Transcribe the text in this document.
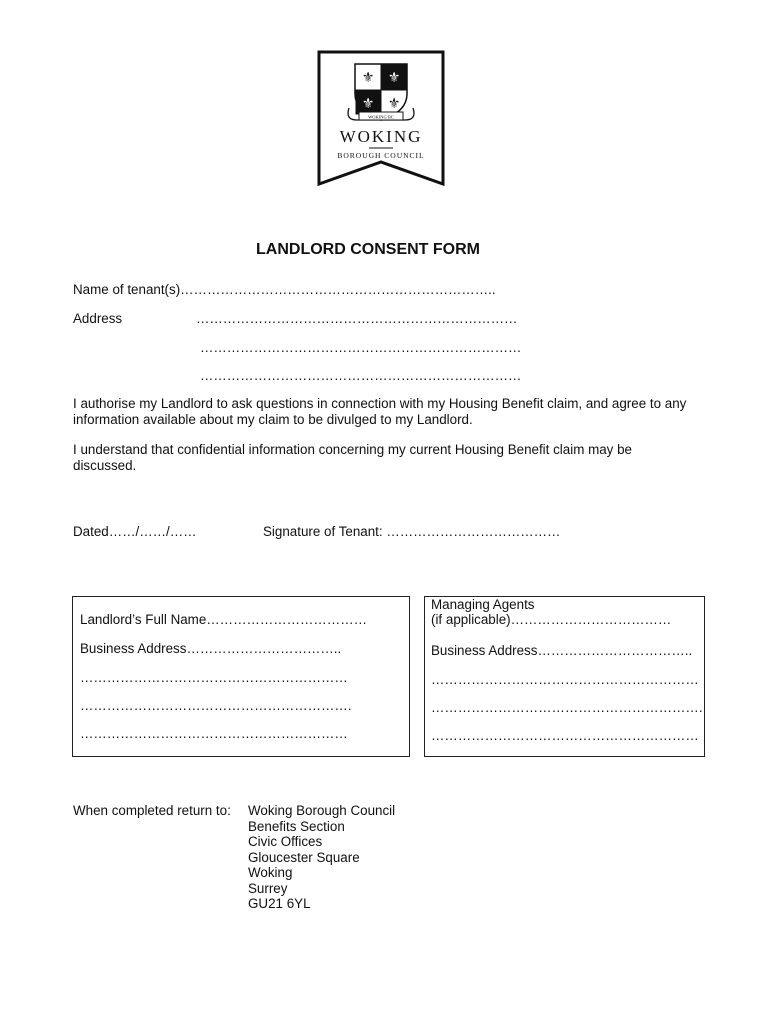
⚜ ⚜
⚜ ⚜
WOKING BC
WOKING
BOROUGH COUNCIL
LANDLORD CONSENT FORM
Name of tenant(s)……………………………………………………………..
Address	………………………………………………………………
………………………………………………………………
………………………………………………………………
I authorise my Landlord to ask questions in connection with my Housing Benefit claim, and agree to any information available about my claim to be divulged to my Landlord.
I understand that confidential information concerning my current Housing Benefit claim may be discussed.
Dated……/……/……	Signature of Tenant: …………………………………
Landlord’s Full Name………………………………
Business Address……………………………..
……………………………………………………
…………………………………………………….
……………………………………………………
Managing Agents
(if applicable)………………………………
Business Address……………………………..
……………………………………………………
…………………………………………………….
……………………………………………………
When completed return to: Woking Borough Council
Benefits Section
Civic Offices
Gloucester Square
Woking
Surrey
GU21 6YL
